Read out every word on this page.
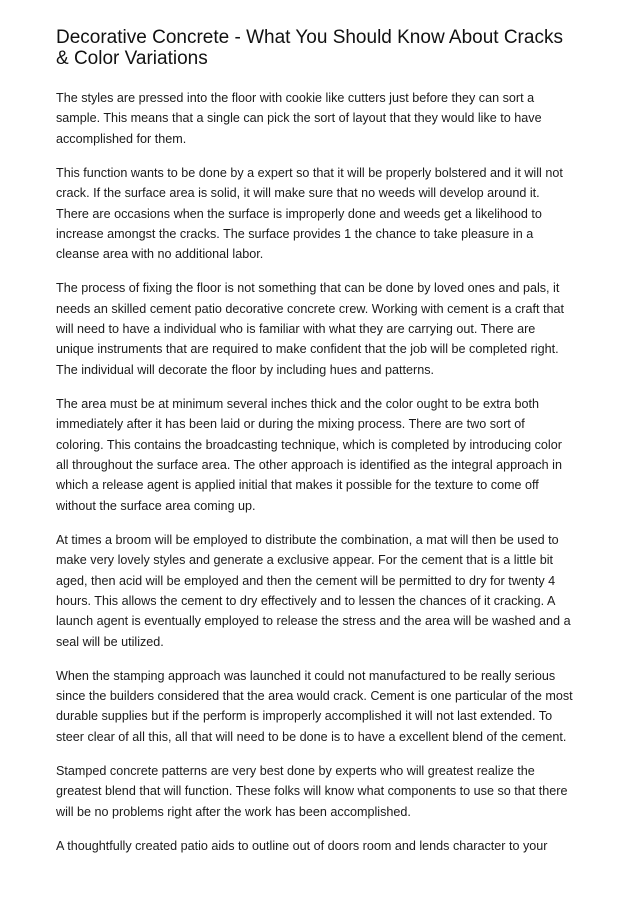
Decorative Concrete - What You Should Know About Cracks
& Color Variations

The styles are pressed into the floor with cookie like cutters just before they can sort a
sample. This means that a single can pick the sort of layout that they would like to have
accomplished for them.

This function wants to be done by a expert so that it will be properly bolstered and it will not
crack. If the surface area is solid, it will make sure that no weeds will develop around it.
There are occasions when the surface is improperly done and weeds get a likelihood to
increase amongst the cracks. The surface provides 1 the chance to take pleasure in a
cleanse area with no additional labor.

The process of fixing the floor is not something that can be done by loved ones and pals, it
needs an skilled cement patio decorative concrete crew. Working with cement is a craft that
will need to have a individual who is familiar with what they are carrying out. There are
unique instruments that are required to make confident that the job will be completed right.
The individual will decorate the floor by including hues and patterns.

The area must be at minimum several inches thick and the color ought to be extra both
immediately after it has been laid or during the mixing process. There are two sort of
coloring. This contains the broadcasting technique, which is completed by introducing color
all throughout the surface area. The other approach is identified as the integral approach in
which a release agent is applied initial that makes it possible for the texture to come off
without the surface area coming up.

At times a broom will be employed to distribute the combination, a mat will then be used to
make very lovely styles and generate a exclusive appear. For the cement that is a little bit
aged, then acid will be employed and then the cement will be permitted to dry for twenty 4
hours. This allows the cement to dry effectively and to lessen the chances of it cracking. A
launch agent is eventually employed to release the stress and the area will be washed and a
seal will be utilized.

When the stamping approach was launched it could not manufactured to be really serious
since the builders considered that the area would crack. Cement is one particular of the most
durable supplies but if the perform is improperly accomplished it will not last extended. To
steer clear of all this, all that will need to be done is to have a excellent blend of the cement.

Stamped concrete patterns are very best done by experts who will greatest realize the
greatest blend that will function. These folks will know what components to use so that there
will be no problems right after the work has been accomplished.

A thoughtfully created patio aids to outline out of doors room and lends character to your
